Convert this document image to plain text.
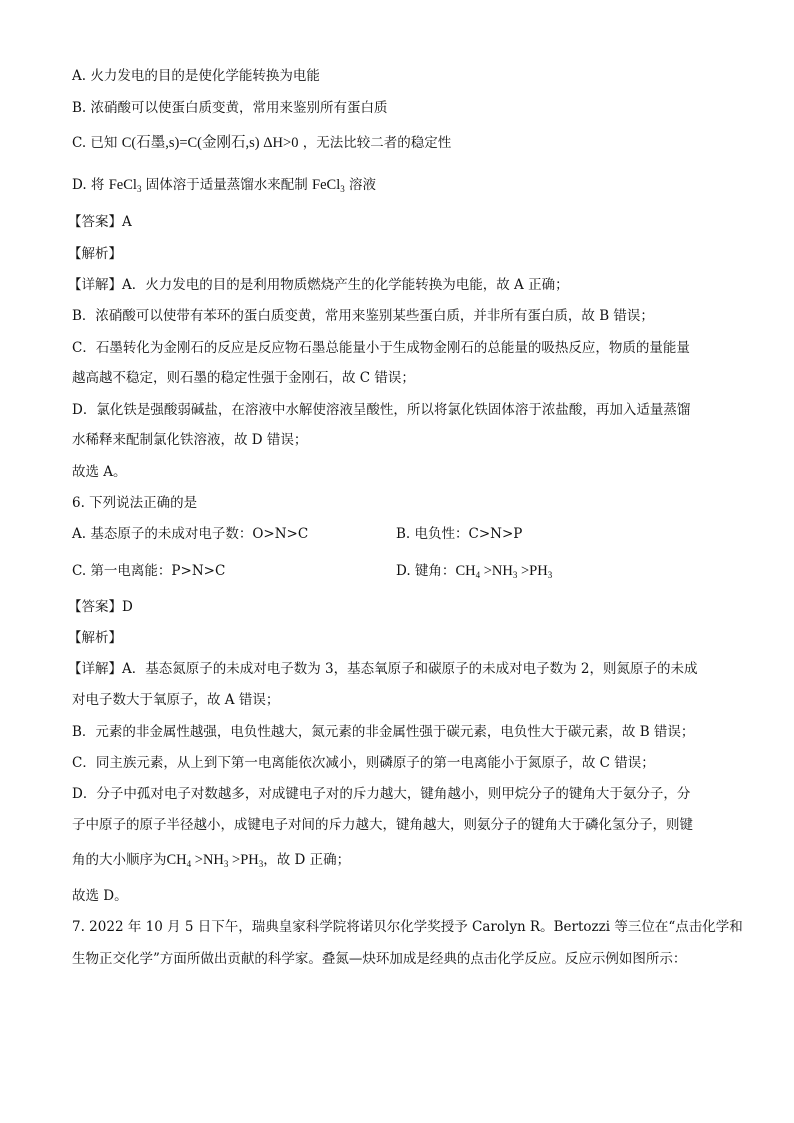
A. 火力发电的目的是使化学能转换为电能
B. 浓硝酸可以使蛋白质变黄，常用来鉴别所有蛋白质
C. 已知 C(石墨,s)=C(金刚石,s) ΔH>0 ，无法比较二者的稳定性
D. 将 FeCl$_3$ 固体溶于适量蒸馏水来配制 FeCl$_3$ 溶液
【答案】A
【解析】
【详解】A．火力发电的目的是利用物质燃烧产生的化学能转换为电能，故 A 正确；
B．浓硝酸可以使带有苯环的蛋白质变黄，常用来鉴别某些蛋白质，并非所有蛋白质，故 B 错误；
C．石墨转化为金刚石的反应是反应物石墨总能量小于生成物金刚石的总能量的吸热反应，物质的量能量
越高越不稳定，则石墨的稳定性强于金刚石，故 C 错误；
D．氯化铁是强酸弱碱盐，在溶液中水解使溶液呈酸性，所以将氯化铁固体溶于浓盐酸，再加入适量蒸馏
水稀释来配制氯化铁溶液，故 D 错误；
故选 A。
6. 下列说法正确的是
A. 基态原子的未成对电子数：O>N>C	B. 电负性：C>N>P
C. 第一电离能：P>N>C	D. 键角：$CH_4 >NH_3 >PH_3$
【答案】D
【解析】
【详解】A．基态氮原子的未成对电子数为 3，基态氧原子和碳原子的未成对电子数为 2，则氮原子的未成
对电子数大于氧原子，故 A 错误；
B．元素的非金属性越强，电负性越大，氮元素的非金属性强于碳元素，电负性大于碳元素，故 B 错误；
C．同主族元素，从上到下第一电离能依次减小，则磷原子的第一电离能小于氮原子，故 C 错误；
D．分子中孤对电子对数越多，对成键电子对的斥力越大，键角越小，则甲烷分子的键角大于氨分子，分
子中原子的原子半径越小，成键电子对间的斥力越大，键角越大，则氨分子的键角大于磷化氢分子，则键
角的大小顺序为$CH_4 >NH_3 >PH_3$，故 D 正确；
故选 D。
7. 2022 年 10 月 5 日下午，瑞典皇家科学院将诺贝尔化学奖授予 Carolyn R。Bertozzi 等三位在“点击化学和
生物正交化学”方面所做出贡献的科学家。叠氮—炔环加成是经典的点击化学反应。反应示例如图所示：
